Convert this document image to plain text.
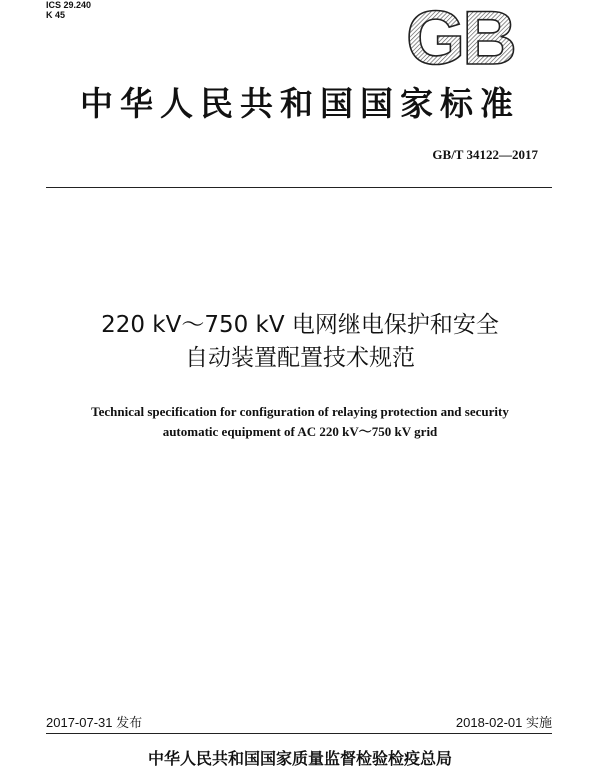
ICS 29.240
K 45	GB
中华人民共和国国家标准
GB/T 34122—2017
220 kV～750 kV 电网继电保护和安全
自动装置配置技术规范
Technical specification for configuration of relaying protection and security
automatic equipment of AC 220 kV～750 kV grid
2017-07-31 发布	2018-02-01 实施
中华人民共和国国家质量监督检验检疫总局
